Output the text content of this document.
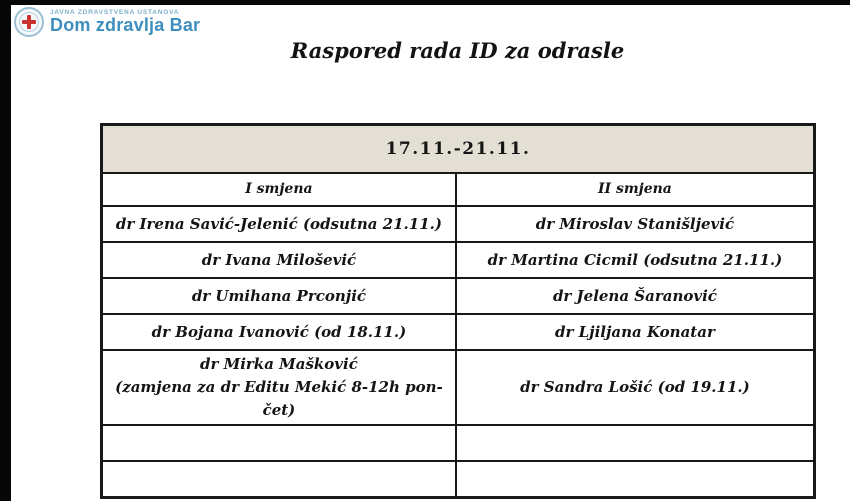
JAVNA ZDRAVSTVENA USTANOVA
Dom zdravlja Bar
Raspored rada ID za odrasle
17.11.-21.11.	
I smjena	II smjena
dr Irena Savić-Jelenić (odsutna 21.11.)	dr Miroslav Stanišljević
dr Ivana Milošević	dr Martina Cicmil (odsutna 21.11.)
dr Umihana Prconjić	dr Jelena Šaranović
dr Bojana Ivanović (od 18.11.)	dr Ljiljana Konatar

dr Mirka Mašković
(zamjena za dr Editu Mekić 8-12h pon-čet)	dr Sandra Lošić (od 19.11.)
